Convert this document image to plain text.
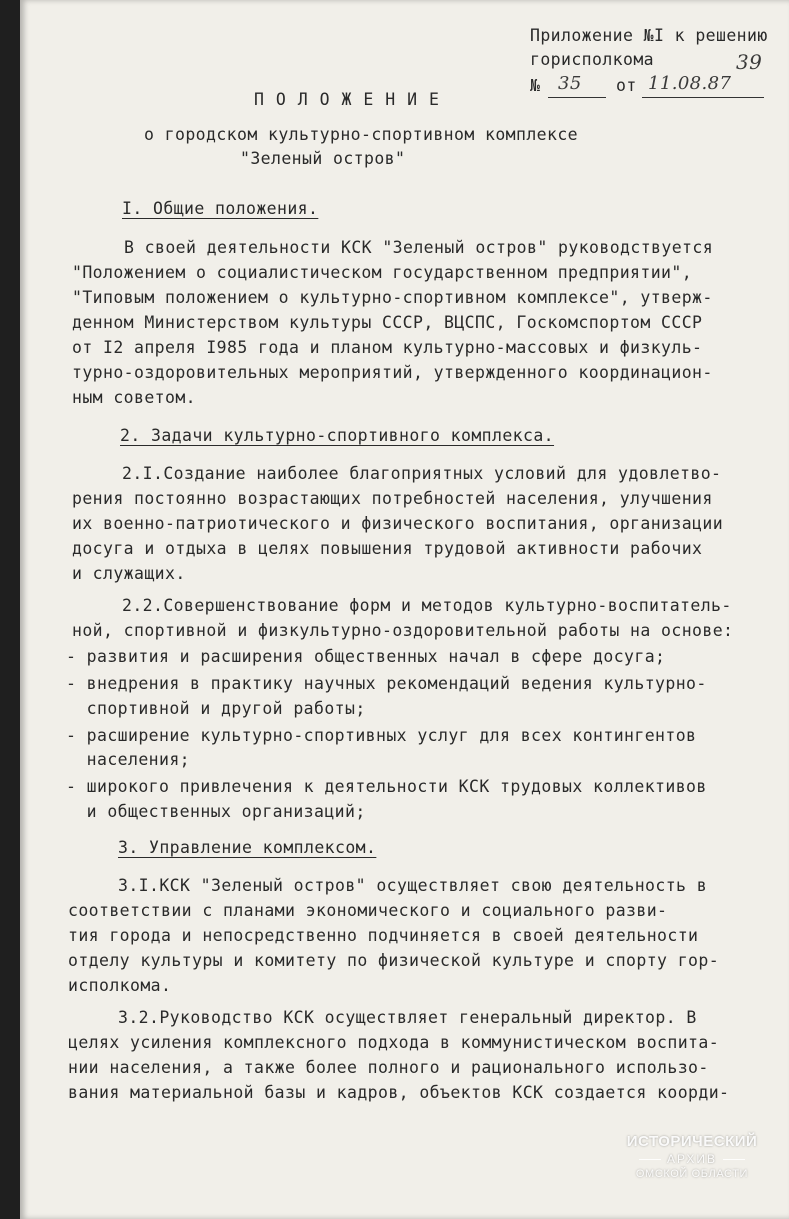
Приложение №I к решению
горисполкома
№ 35 от 11.08.87
39
П О Л О Ж Е Н И Е
о городском культурно-спортивном комплексе
"Зеленый остров"
I. Общие положения.
В своей деятельности КСК "Зеленый остров" руководствуется
"Положением о социалистическом государственном предприятии",
"Типовым положением о культурно-спортивном комплексе", утверж-
денном Министерством культуры СССР, ВЦСПС, Госкомспортом СССР
от I2 апреля I985 года и планом культурно-массовых и физкуль-
турно-оздоровительных мероприятий, утвержденного координацион-
ным советом.
2. Задачи культурно-спортивного комплекса.
2.I.Создание наиболее благоприятных условий для удовлетво-
рения постоянно возрастающих потребностей населения, улучшения
их военно-патриотического и физического воспитания, организации
досуга и отдыха в целях повышения трудовой активности рабочих
и служащих.
2.2.Совершенствование форм и методов культурно-воспитатель-
ной, спортивной и физкультурно-оздоровительной работы на основе:
- развития и расширения общественных начал в сфере досуга;
- внедрения в практику научных рекомендаций ведения культурно-
спортивной и другой работы;
- расширение культурно-спортивных услуг для всех контингентов
населения;
- широкого привлечения к деятельности КСК трудовых коллективов
и общественных организаций;
3. Управление комплексом.
3.I.КСК "Зеленый остров" осуществляет свою деятельность в
соответствии с планами экономического и социального разви-
тия города и непосредственно подчиняется в своей деятельности
отделу культуры и комитету по физической культуре и спорту гор-
исполкома.
3.2.Руководство КСК осуществляет генеральный директор. В
целях усиления комплексного подхода в коммунистическом воспита-
нии населения, а также более полного и рационального использо-
вания материальной базы и кадров, объектов КСК создается коорди-
ИСТОРИЧЕСКИЙ
АРХИВ
ОМСКОЙ ОБЛАСТИ
